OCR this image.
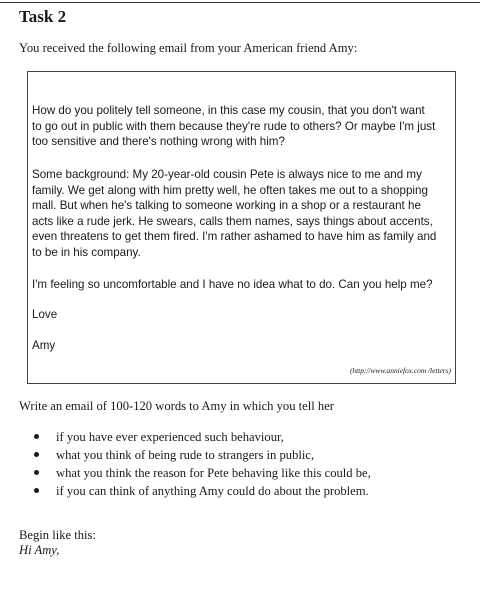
Task 2

You received the following email from your American friend Amy:

How do you politely tell someone, in this case my cousin, that you don't want
to go out in public with them because they're rude to others? Or maybe I'm just
too sensitive and there's nothing wrong with him?

Some background: My 20-year-old cousin Pete is always nice to me and my
family. We get along with him pretty well, he often takes me out to a shopping
mall. But when he's talking to someone working in a shop or a restaurant he
acts like a rude jerk. He swears, calls them names, says things about accents,
even threatens to get them fired. I'm rather ashamed to have him as family and
to be in his company.

I'm feeling so uncomfortable and I have no idea what to do. Can you help me?

Love

Amy

(http://www.anniefox.com /letters)

Write an email of 100-120 words to Amy in which you tell her

if you have ever experienced such behaviour,
what you think of being rude to strangers in public,
what you think the reason for Pete behaving like this could be,
if you can think of anything Amy could do about the problem.

Begin like this:
Hi Amy,
